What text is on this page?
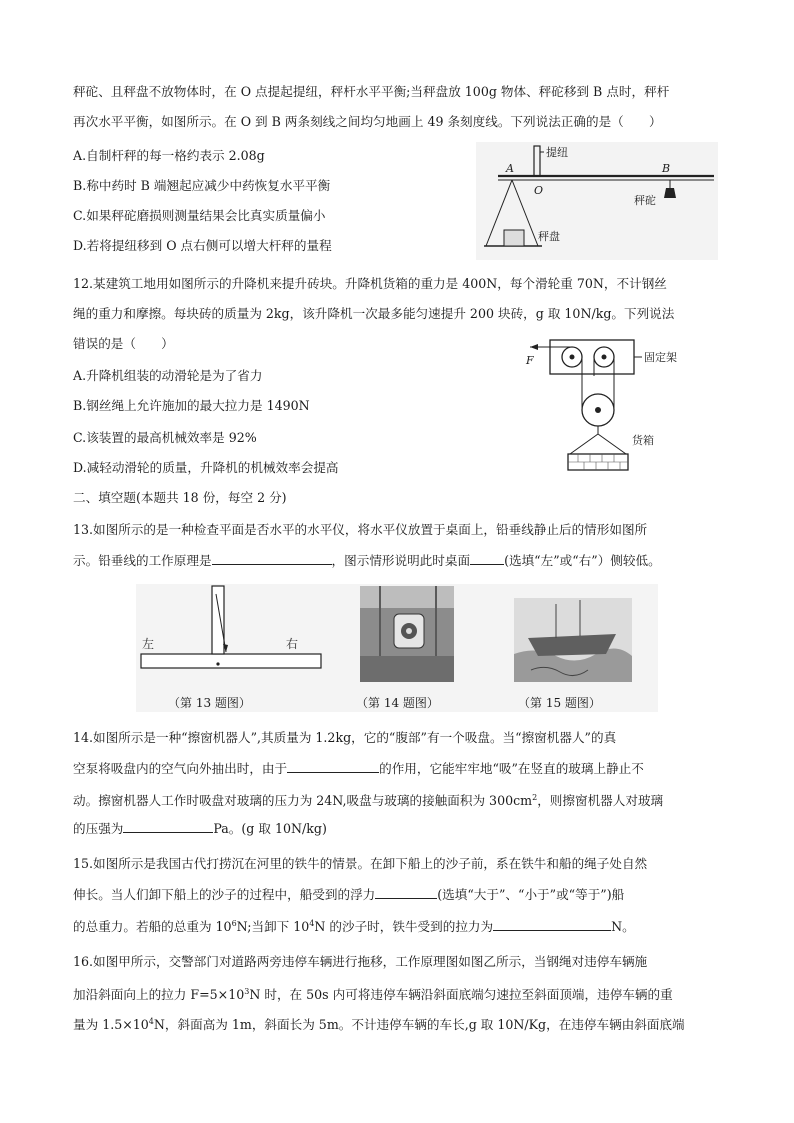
秤砣、且秤盘不放物体时，在 O 点提起提纽，秤杆水平平衡;当秤盘放 100g 物体、秤砣移到 B 点时，秤杆
再次水平平衡，如图所示。在 O 到 B 两条刻线之间均匀地画上 49 条刻度线。下列说法正确的是（　　）
A.自制杆秤的每一格约表示 2.08g
B.称中药时 B 端翘起应减少中药恢复水平平衡
C.如果秤砣磨损则测量结果会比真实质量偏小
D.若将提纽移到 O 点右侧可以增大杆秤的量程
提纽
A
O
B
秤盘
秤砣
12.某建筑工地用如图所示的升降机来提升砖块。升降机货箱的重力是 400N，每个滑轮重 70N，不计钢丝
绳的重力和摩擦。每块砖的质量为 2kg，该升降机一次最多能匀速提升 200 块砖，g 取 10N/kg。下列说法
错误的是（　　）
A.升降机组装的动滑轮是为了省力
B.钢丝绳上允许施加的最大拉力是 1490N
C.该装置的最高机械效率是 92%
D.减轻动滑轮的质量，升降机的机械效率会提高
固定架
F
货箱
二、填空题(本题共 18 份，每空 2 分)
13.如图所示的是一种检查平面是否水平的水平仪，将水平仪放置于桌面上，铅垂线静止后的情形如图所
示。铅垂线的工作原理是	，图示情形说明此时桌面	(选填“左”或“右”）侧较低。
左	右
（第 13 题图）	（第 14 题图）	（第 15 题图）
14.如图所示是一种“擦窗机器人”,其质量为 1.2kg，它的“腹部”有一个吸盘。当“擦窗机器人”的真
空泵将吸盘内的空气向外抽出时，由于	的作用，它能牢牢地“吸”在竖直的玻璃上静止不
动。擦窗机器人工作时吸盘对玻璃的压力为 24N,吸盘与玻璃的接触面积为 $300cm^2$，则擦窗机器人对玻璃
的压强为	Pa。(g 取 10N/kg)
15.如图所示是我国古代打捞沉在河里的铁牛的情景。在卸下船上的沙子前，系在铁牛和船的绳子处自然
伸长。当人们卸下船上的沙子的过程中，船受到的浮力	(选填“大于”、“小于”或“等于”)船
的总重力。若船的总重为 $10^6N$;当卸下 $10^4N$ 的沙子时，铁牛受到的拉力为	N。
16.如图甲所示，交警部门对道路两旁违停车辆进行拖移，工作原理图如图乙所示，当钢绳对违停车辆施
加沿斜面向上的拉力 $F=5\times 10^3N$ 时，在 50s 内可将违停车辆沿斜面底端匀速拉至斜面顶端，违停车辆的重
量为 $1.5\times 10^4N$，斜面高为 1m，斜面长为 5m。不计违停车辆的车长,g 取 10N/Kg，在违停车辆由斜面底端
